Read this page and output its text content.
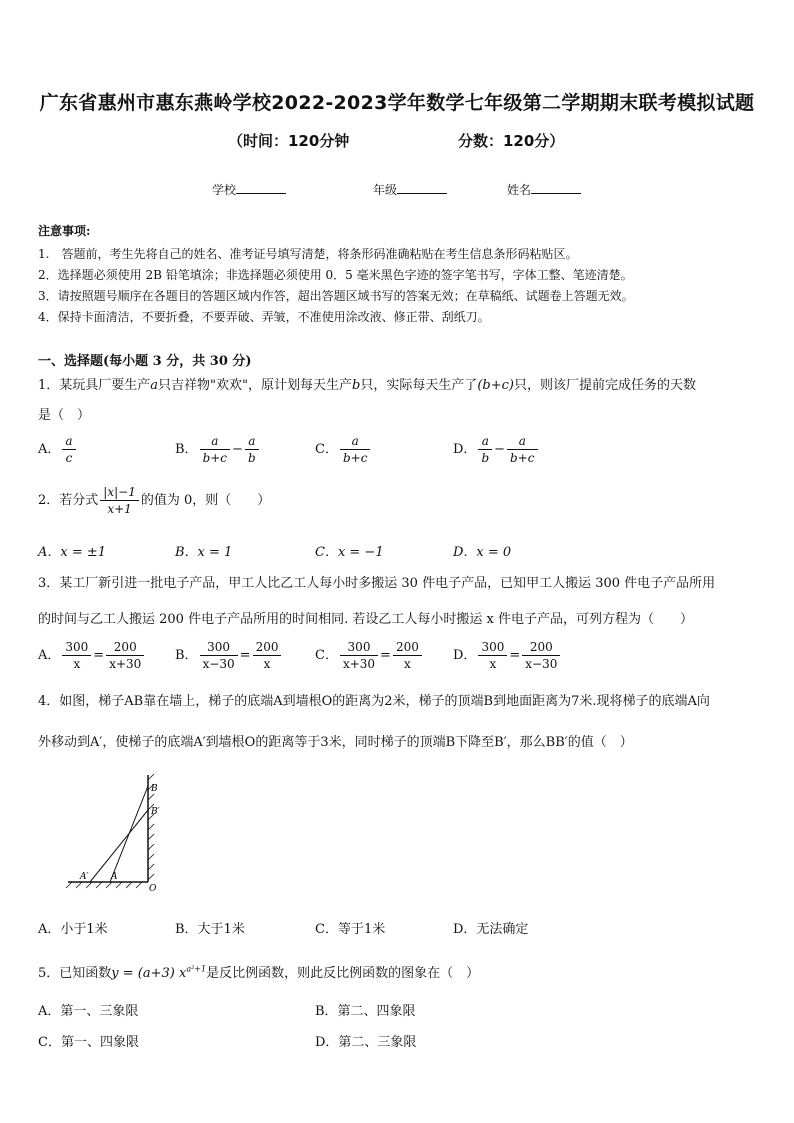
广东省惠州市惠东燕岭学校2022-2023学年数学七年级第二学期期末联考模拟试题
（时间：120分钟	分数：120分）
学校	年级	姓名
注意事项:
1.　答题前，考生先将自己的姓名、准考证号填写清楚，将条形码准确粘贴在考生信息条形码粘贴区。
2．选择题必须使用 2B 铅笔填涂；非选择题必须使用 0．5 毫米黑色字迹的签字笔书写，字体工整、笔迹清楚。
3．请按照题号顺序在各题目的答题区域内作答，超出答题区域书写的答案无效；在草稿纸、试题卷上答题无效。
4．保持卡面清洁，不要折叠，不要弄破、弄皱，不准使用涂改液、修正带、刮纸刀。
一、选择题(每小题 3 分，共 30 分)
1．某玩具厂要生产a只吉祥物"欢欢"，原计划每天生产b只，实际每天生产了(b+c)只，则该厂提前完成任务的天数
是（　）
A． $\frac{a}{c}$	B． $\frac{a}{b+c} - \frac{a}{b}$	C． $\frac{a}{b+c}$	D． $\frac{a}{b} - \frac{a}{b+c}$
2．若分式 $\frac{|x|-1}{x+1}$ 的值为 0，则（　　）
A．x = ±1	B．x = 1	C．x = −1	D．x = 0
3．某工厂新引进一批电子产品，甲工人比乙工人每小时多搬运 30 件电子产品，已知甲工人搬运 300 件电子产品所用
的时间与乙工人搬运 200 件电子产品所用的时间相同. 若设乙工人每小时搬运 x 件电子产品，可列方程为（　　）
A． $\frac{300}{x} = \frac{200}{x+30}$ B． $\frac{300}{x-30} = \frac{200}{x}$	C． $\frac{300}{x+30} = \frac{200}{x}$ D． $\frac{300}{x} = \frac{200}{x-30}$
4．如图，梯子AB靠在墙上，梯子的底端A到墙根O的距离为2米，梯子的顶端B到地面距离为7米.现将梯子的底端A向
外移动到A′，使梯子的底端A′到墙根O的距离等于3米，同时梯子的顶端B下降至B′，那么BB′的值（　）
B
B′
A′ A
O
A．小于1米	B．大于1米	C．等于1米	D．无法确定
5．已知函数y = (a+3) $x^{a^2+1}$是反比例函数，则此反比例函数的图象在（　）
A．第一、三象限	B．第二、四象限
C．第一、四象限	D．第二、三象限
